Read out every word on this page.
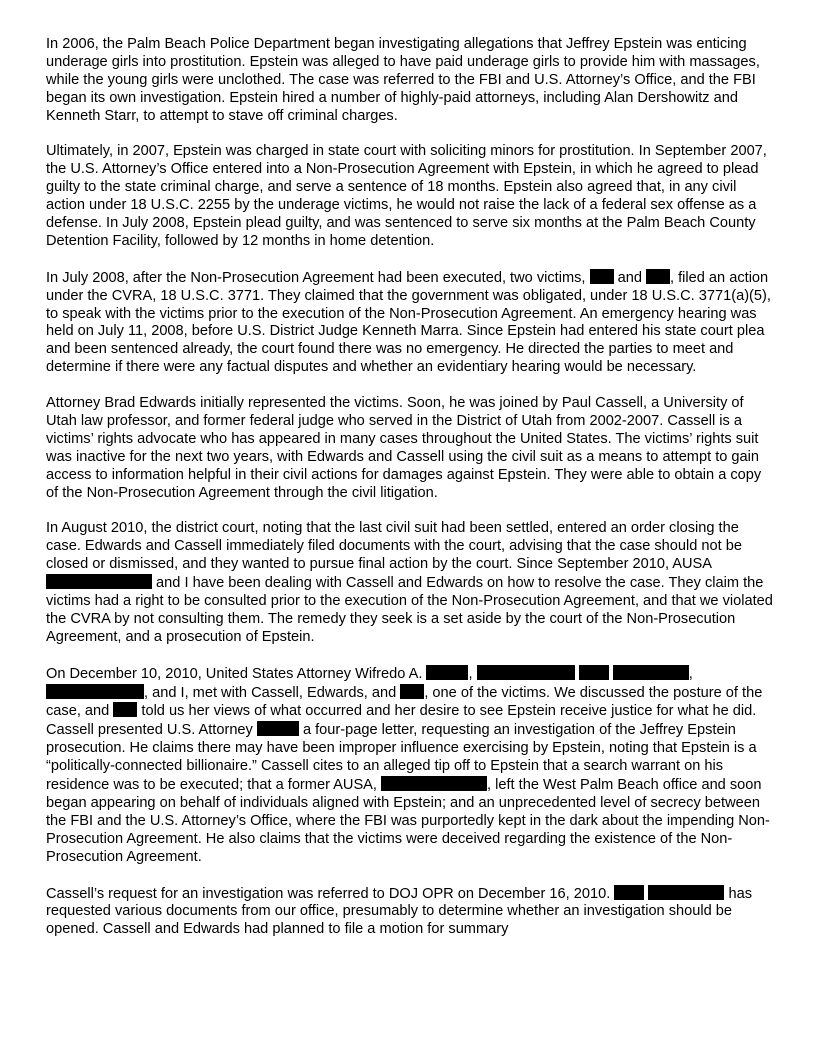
In 2006, the Palm Beach Police Department began investigating allegations that Jeffrey Epstein was enticing underage girls into prostitution. Epstein was alleged to have paid underage girls to provide him with massages, while the young girls were unclothed. The case was referred to the FBI and U.S. Attorney’s Office, and the FBI began its own investigation. Epstein hired a number of highly-paid attorneys, including Alan Dershowitz and Kenneth Starr, to attempt to stave off criminal charges.

Ultimately, in 2007, Epstein was charged in state court with soliciting minors for prostitution. In September 2007, the U.S. Attorney’s Office entered into a Non-Prosecution Agreement with Epstein, in which he agreed to plead guilty to the state criminal charge, and serve a sentence of 18 months. Epstein also agreed that, in any civil action under 18 U.S.C. 2255 by the underage victims, he would not raise the lack of a federal sex offense as a defense. In July 2008, Epstein plead guilty, and was sentenced to serve six months at the Palm Beach County Detention Facility, followed by 12 months in home detention.

In July 2008, after the Non-Prosecution Agreement had been executed, two victims,  and , filed an action under the CVRA, 18 U.S.C. 3771. They claimed that the government was obligated, under 18 U.S.C. 3771(a)(5), to speak with the victims prior to the execution of the Non-Prosecution Agreement. An emergency hearing was held on July 11, 2008, before U.S. District Judge Kenneth Marra. Since Epstein had entered his state court plea and been sentenced already, the court found there was no emergency. He directed the parties to meet and determine if there were any factual disputes and whether an evidentiary hearing would be necessary.

Attorney Brad Edwards initially represented the victims. Soon, he was joined by Paul Cassell, a University of Utah law professor, and former federal judge who served in the District of Utah from 2002-2007. Cassell is a victims’ rights advocate who has appeared in many cases throughout the United States. The victims’ rights suit was inactive for the next two years, with Edwards and Cassell using the civil suit as a means to attempt to gain access to information helpful in their civil actions for damages against Epstein. They were able to obtain a copy of the Non-Prosecution Agreement through the civil litigation.

In August 2010, the district court, noting that the last civil suit had been settled, entered an order closing the case. Edwards and Cassell immediately filed documents with the court, advising that the case should not be closed or dismissed, and they wanted to pursue final action by the court. Since September 2010, AUSA  and I have been dealing with Cassell and Edwards on how to resolve the case. They claim the victims had a right to be consulted prior to the execution of the Non-Prosecution Agreement, and that we violated the CVRA by not consulting them. The remedy they seek is a set aside by the court of the Non-Prosecution Agreement, and a prosecution of Epstein.

On December 10, 2010, United States Attorney Wifredo A.	,	, , and I, met with Cassell, Edwards, and , one of the victims. We discussed the posture of the case, and  told us her views of what occurred and her desire to see Epstein receive justice for what he did. Cassell presented U.S. Attorney	a four-page letter, requesting an investigation of the Jeffrey Epstein prosecution. He claims there may have been improper influence exercising by Epstein, noting that Epstein is a “politically-connected billionaire.” Cassell cites to an alleged tip off to Epstein that a search warrant on his residence was to be executed; that a former AUSA,	, left the West Palm Beach office and soon began appearing on behalf of individuals aligned with Epstein; and an unprecedented level of secrecy between the FBI and the U.S. Attorney’s Office, where the FBI was purportedly kept in the dark about the impending Non-Prosecution Agreement. He also claims that the victims were deceived regarding the existence of the Non-Prosecution Agreement.

Cassell’s request for an investigation was referred to DOJ OPR on December 16, 2010.	has requested various documents from our office, presumably to determine whether an investigation should be opened. Cassell and Edwards had planned to file a motion for summary
